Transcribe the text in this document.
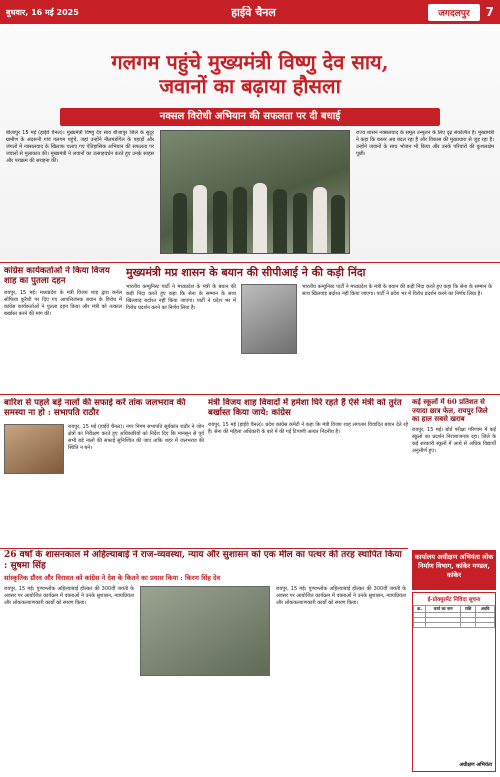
बुधवार, 16 मई 2025	हाईवे चैनल	जगदलपुर	7
गलगम पहुंचे मुख्यमंत्री विष्णु देव साय,
जवानों का बढ़ाया हौसला
नक्सल विरोधी अभियान की सफलता पर दी बधाई
बीजापुर 15 मई (हाईवे चैनल)। मुख्यमंत्री विष्णु देव साय बीजापुर जिले के सुदूर ग्रामीण के अंदरूनी गांव गलगम पहुंचे, जहां उन्होंने नीलमडोंगेल के पहाड़ों और जंगलों में नक्सलवाद के खिलाफ चलाए गए ऐतिहासिक अभियान की सफलता पर जवानों से मुलाकात की। मुख्यमंत्री ने जवानों का उत्साहवर्धन करते हुए उनके साहस और पराक्रम की सराहना की।
राज्य शासन नक्सलवाद के समूल उन्मूलन के लिए दृढ़ संकल्पित है। मुख्यमंत्री ने कहा कि बस्तर अब बदल रहा है और विकास की मुख्यधारा से जुड़ रहा है। उन्होंने जवानों के साथ भोजन भी किया और उनके परिवारों की कुशलक्षेम पूछी।
कांग्रेस कार्यकर्ताओं ने किया विजय शाह का पुतला दहन
रायपुर, 15 मई। मध्यप्रदेश के मंत्री विजय शाह द्वारा कर्नल सोफिया कुरैशी पर दिए गए आपत्तिजनक बयान के विरोध में कांग्रेस कार्यकर्ताओं ने पुतला दहन किया और मंत्री को तत्काल बर्खास्त करने की मांग की।
मुख्यमंत्री मप्र शासन के बयान की सीपीआई ने की कड़ी निंदा
भारतीय कम्युनिस्ट पार्टी ने मध्यप्रदेश के मंत्री के बयान की कड़ी निंदा करते हुए कहा कि सेना के सम्मान के साथ खिलवाड़ बर्दाश्त नहीं किया जाएगा। पार्टी ने प्रदेश भर में विरोध प्रदर्शन करने का निर्णय लिया है।
भारतीय कम्युनिस्ट पार्टी ने मध्यप्रदेश के मंत्री के बयान की कड़ी निंदा करते हुए कहा कि सेना के सम्मान के साथ खिलवाड़ बर्दाश्त नहीं किया जाएगा। पार्टी ने प्रदेश भर में विरोध प्रदर्शन करने का निर्णय लिया है।
बारिश से पहले बड़े नालों की सफाई करें तांक जलभराव की समस्या ना हो : सभापति राठौर
रायपुर, 15 मई (हाईवे चैनल)। नगर निगम सभापति सूर्यकांत राठौर ने जोन क्षेत्रों का निरीक्षण करते हुए अधिकारियों को निर्देश दिए कि मानसून से पूर्व सभी बड़े नालों की सफाई सुनिश्चित की जाए ताकि शहर में जलभराव की स्थिति न बने।
मंत्री विजय शाह विवादों में हमेशा घिरे रहते हैं ऐसे मंत्री को तुरंत बर्खास्त किया जाये: कांग्रेस
रायपुर, 15 मई (हाईवे चैनल)। प्रदेश कांग्रेस कमेटी ने कहा कि मंत्री विजय शाह लगातार विवादित बयान देते रहे हैं। सेना की महिला अधिकारी के बारे में की गई टिप्पणी अत्यंत निंदनीय है।
कई स्कूलों में 60 प्रतिशत से ज्यादा छात्र फेल, रायपुर जिले का हाल सबसे खराब
रायपुर, 15 मई। बोर्ड परीक्षा परिणाम में कई स्कूलों का प्रदर्शन निराशाजनक रहा। जिले के कई सरकारी स्कूलों में आधे से अधिक विद्यार्थी अनुत्तीर्ण हुए।
26 वर्षों के शासनकाल में अहिल्याबाई ने राज-व्यवस्था, न्याय और सुशासन को एक मील का पत्थर की तरह स्थापित किया : सुषमा सिंह
सांस्कृतिक ग्रौरव और विरासत को कांग्रेस ने देश के कितने का प्रयास किया : किरण सिंह देव
रायपुर, 15 मई। पुण्यश्लोक अहिल्याबाई होल्कर की 300वीं जयंती के अवसर पर आयोजित कार्यक्रम में वक्ताओं ने उनके सुशासन, न्यायप्रियता और लोककल्याणकारी कार्यों को स्मरण किया।
रायपुर, 15 मई। पुण्यश्लोक अहिल्याबाई होल्कर की 300वीं जयंती के अवसर पर आयोजित कार्यक्रम में वक्ताओं ने उनके सुशासन, न्यायप्रियता और लोककल्याणकारी कार्यों को स्मरण किया।
कार्यालय अधीक्षण अभियंता लोक निर्माण विभाग, कांकेर मण्डल, कांकेर
ई-प्रोक्युरमेंट निविदा सूचना
क्र.	कार्य का नाम	राशि	अवधि

अधीक्षण अभियंता
